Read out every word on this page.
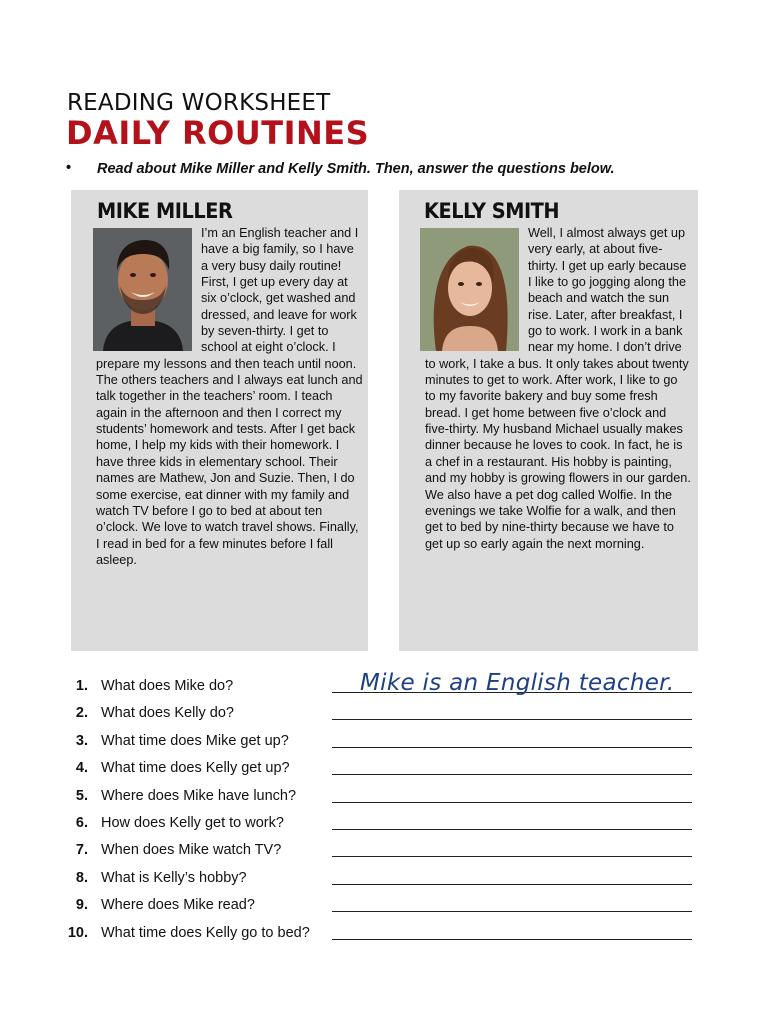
READING WORKSHEET
DAILY ROUTINES
• Read about Mike Miller and Kelly Smith. Then, answer the questions below.
MIKE MILLER

I’m an English teacher and I have a big family, so I have a very busy daily routine! First, I get up every day at six o’clock, get washed and dressed, and leave for work by seven-thirty. I get to school at eight o’clock. I prepare my lessons and then teach until noon. The others teachers and I always eat lunch and talk together in the teachers’ room. I teach again in the afternoon and then I correct my students’ homework and tests. After I get back home, I help my kids with their homework. I have three kids in elementary school. Their names are Mathew, Jon and Suzie. Then, I do some exercise, eat dinner with my family and watch TV before I go to bed at about ten o’clock. We love to watch travel shows. Finally, I read in bed for a few minutes before I fall asleep.

KELLY SMITH

Well, I almost always get up very early, at about five-thirty. I get up early because I like to go jogging along the beach and watch the sun rise. Later, after breakfast, I go to work. I work in a bank near my home. I don’t drive to work, I take a bus. It only takes about twenty minutes to get to work. After work, I like to go to my favorite bakery and buy some fresh bread. I get home between five o’clock and five-thirty. My husband Michael usually makes dinner because he loves to cook. In fact, he is a chef in a restaurant. His hobby is painting, and my hobby is growing flowers in our garden. We also have a pet dog called Wolfie. In the evenings we take Wolfie for a walk, and then get to bed by nine-thirty because we have to get up so early again the next morning.

1. What does Mike do?	Mike is an English teacher.
2. What does Kelly do?
3. What time does Mike get up?
4. What time does Kelly get up?
5. Where does Mike have lunch?
6. How does Kelly get to work?
7. When does Mike watch TV?
8. What is Kelly’s hobby?
9. Where does Mike read?
10. What time does Kelly go to bed?
